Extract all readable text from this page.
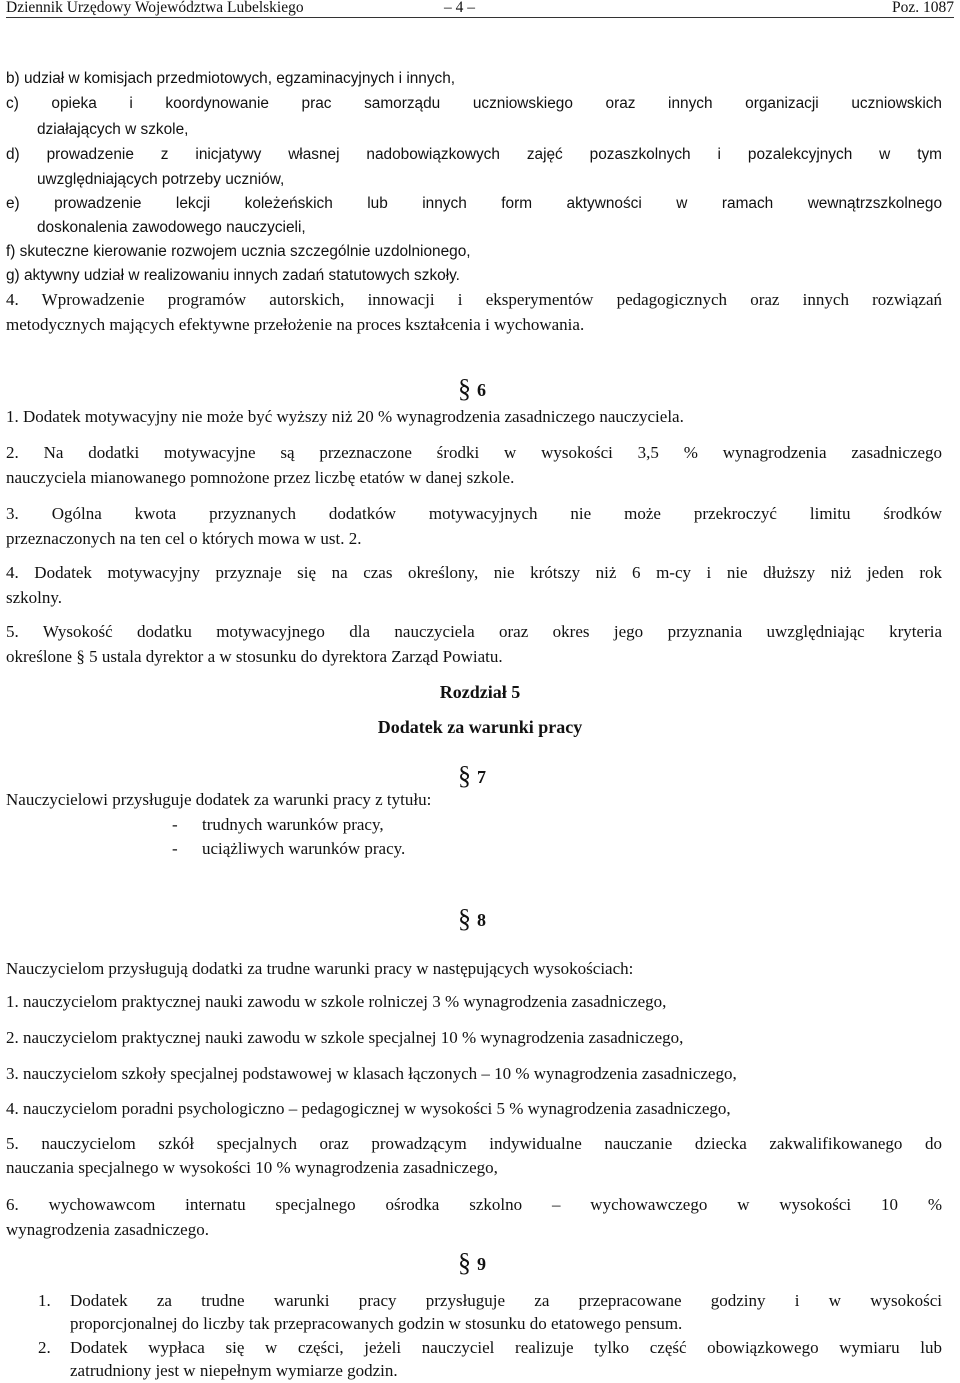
Dziennik Urzędowy Województwa Lubelskiego	– 4 –	Poz. 1087
b) udział w komisjach przedmiotowych, egzaminacyjnych i innych,
c) opieka i koordynowanie prac samorządu uczniowskiego oraz innych organizacji uczniowskich
działających w szkole,
d) prowadzenie z inicjatywy własnej nadobowiązkowych zajęć pozaszkolnych i pozalekcyjnych w tym
uwzględniających potrzeby uczniów,
e) prowadzenie lekcji koleżeńskich lub innych form aktywności w ramach wewnątrzszkolnego
doskonalenia zawodowego nauczycieli,
f) skuteczne kierowanie rozwojem ucznia szczególnie uzdolnionego,
g) aktywny udział w realizowaniu innych zadań statutowych szkoły.
4. Wprowadzenie programów autorskich, innowacji i eksperymentów pedagogicznych oraz innych rozwiązań
metodycznych mających efektywne przełożenie na proces kształcenia i wychowania.
§ 6
1. Dodatek motywacyjny nie może być wyższy niż 20 % wynagrodzenia zasadniczego nauczyciela.
2. Na dodatki motywacyjne są przeznaczone środki w wysokości 3,5 % wynagrodzenia zasadniczego
nauczyciela mianowanego pomnożone przez liczbę etatów w danej szkole.
3. Ogólna kwota przyznanych dodatków motywacyjnych nie może przekroczyć limitu środków
przeznaczonych na ten cel o których mowa w ust. 2.
4. Dodatek motywacyjny przyznaje się na czas określony, nie krótszy niż 6 m-cy i nie dłuższy niż jeden rok
szkolny.
5. Wysokość dodatku motywacyjnego dla nauczyciela oraz okres jego przyznania uwzględniając kryteria
określone § 5 ustala dyrektor a w stosunku do dyrektora Zarząd Powiatu.
Rozdział 5
Dodatek za warunki pracy
§ 7
Nauczycielowi przysługuje dodatek za warunki pracy z tytułu:
- trudnych warunków pracy,
- uciążliwych warunków pracy.
§ 8
Nauczycielom przysługują dodatki za trudne warunki pracy w następujących wysokościach:
1. nauczycielom praktycznej nauki zawodu w szkole rolniczej 3 % wynagrodzenia zasadniczego,
2. nauczycielom praktycznej nauki zawodu w szkole specjalnej 10 % wynagrodzenia zasadniczego,
3. nauczycielom szkoły specjalnej podstawowej w klasach łączonych – 10 % wynagrodzenia zasadniczego,
4. nauczycielom poradni psychologiczno – pedagogicznej w wysokości 5 % wynagrodzenia zasadniczego,
5. nauczycielom szkół specjalnych oraz prowadzącym indywidualne nauczanie dziecka zakwalifikowanego do
nauczania specjalnego w wysokości 10 % wynagrodzenia zasadniczego,
6. wychowawcom internatu specjalnego ośrodka szkolno – wychowawczego w wysokości 10 %
wynagrodzenia zasadniczego.
§ 9
1. Dodatek za trudne warunki pracy przysługuje za przepracowane godziny i w wysokości
proporcjonalnej do liczby tak przepracowanych godzin w stosunku do etatowego pensum.
2. Dodatek wypłaca się w części, jeżeli nauczyciel realizuje tylko część obowiązkowego wymiaru lub
zatrudniony jest w niepełnym wymiarze godzin.
